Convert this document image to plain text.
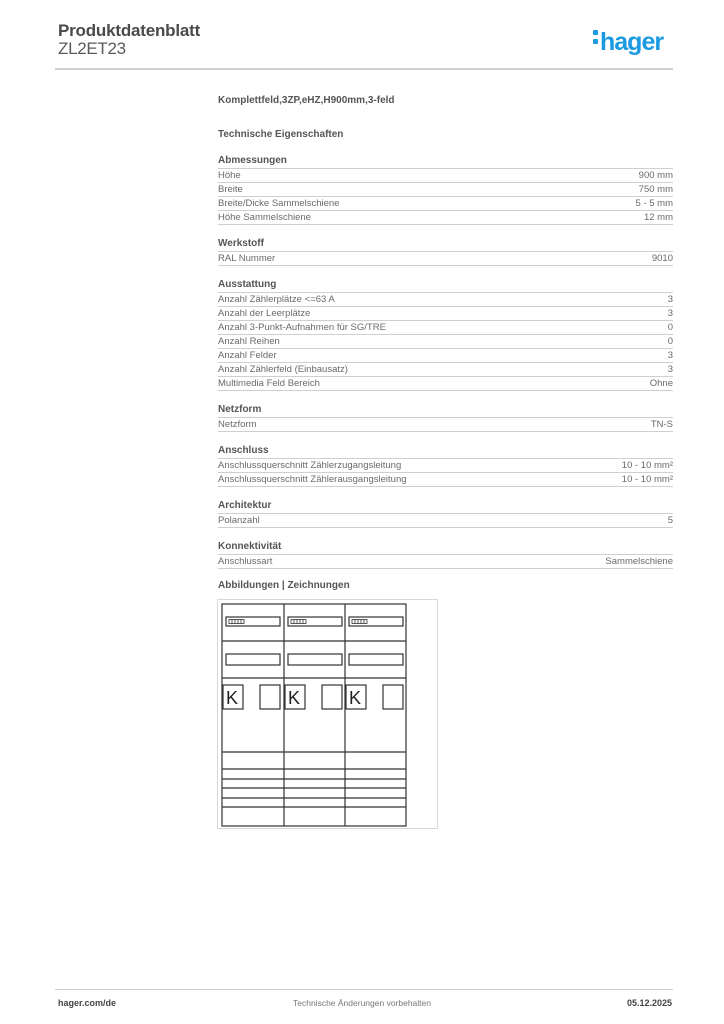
Produktdatenblatt
ZL2ET23	hager
Komplettfeld,3ZP,eHZ,H900mm,3-feld
Technische Eigenschaften
Abmessungen
Höhe	900 mm
Breite	750 mm
Breite/Dicke Sammelschiene	5 - 5 mm
Höhe Sammelschiene	12 mm
Werkstoff
RAL Nummer	9010
Ausstattung
Anzahl Zählerplätze <=63 A	3
Anzahl der Leerplätze	3
Anzahl 3-Punkt-Aufnahmen für SG/TRE	0
Anzahl Reihen	0
Anzahl Felder	3
Anzahl Zählerfeld (Einbausatz)	3
Multimedia Feld Bereich	Ohne
Netzform
Netzform	TN-S
Anschluss
Anschlussquerschnitt Zählerzugangsleitung	10 - 10 mm²
Anschlussquerschnitt Zählerausgangsleitung	10 - 10 mm²
Architektur
Polanzahl	5
Konnektivität
Anschlussart	Sammelschiene
Abbildungen | Zeichnungen
K	K	K
hager.com/de	Technische Änderungen vorbehalten	05.12.2025
